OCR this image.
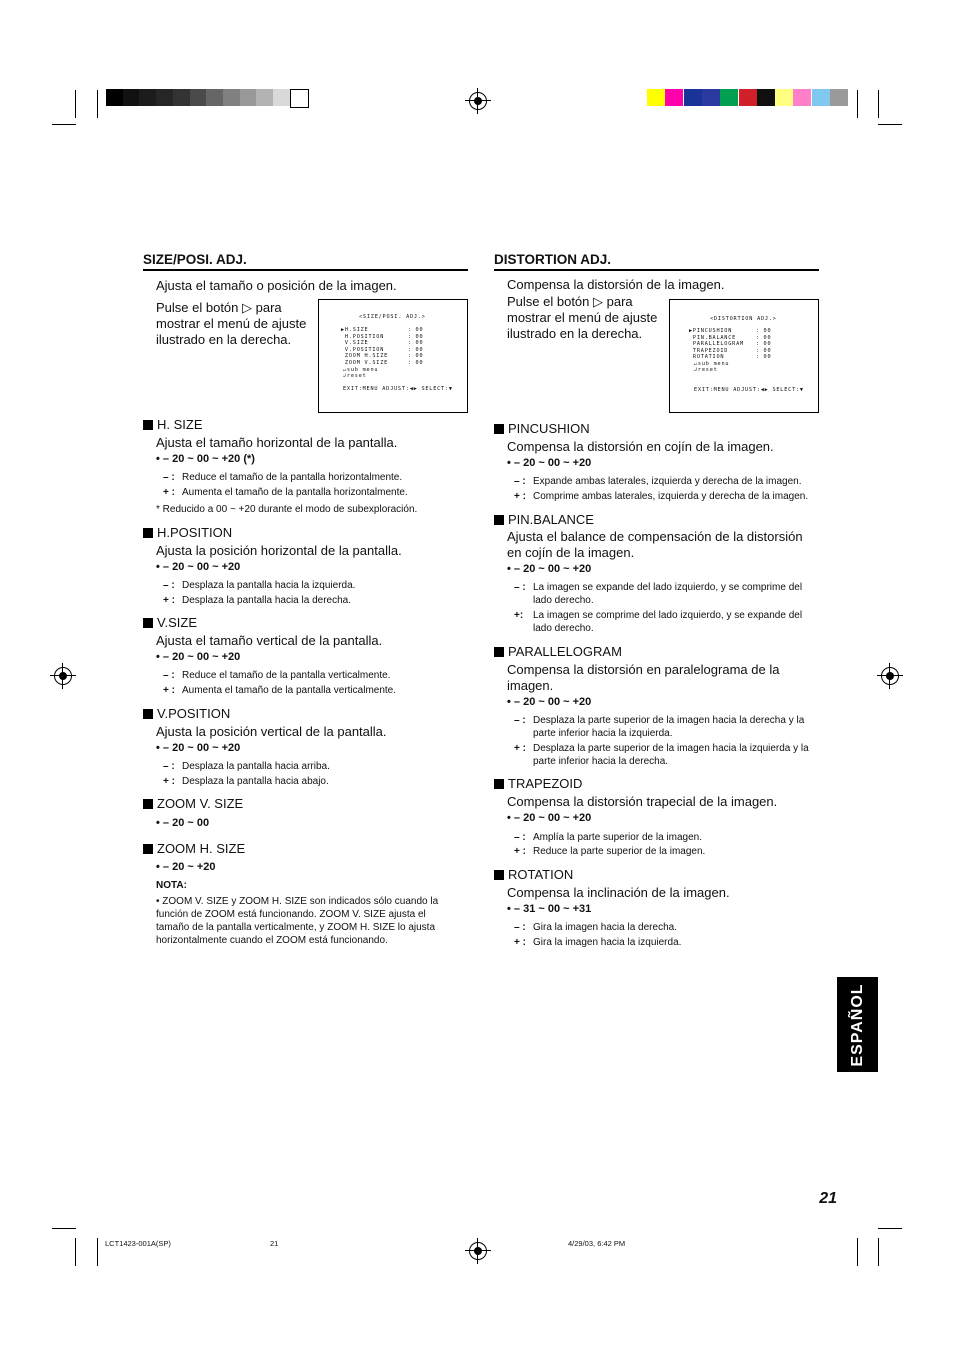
SIZE/POSI. ADJ.
Ajusta el tamaño o posición de la imagen.
Pulse el botón ▷ para mostrar el menú de ajuste ilustrado en la derecha.
<SIZE/POSI. ADJ.>
▶H.SIZE          : 00
H.POSITION      : 00
V.SIZE          : 00
V.POSITION      : 00
ZOOM H.SIZE     : 00
ZOOM V.SIZE     : 00
↵sub menu
↲reset
EXIT:MENU ADJUST:◀▶ SELECT:▼
H. SIZE
Ajusta el tamaño horizontal de la pantalla.
• – 20 ~ 00 ~ +20 (*)
– : Reduce el tamaño de la pantalla horizontalmente.
+ : Aumenta el tamaño de la pantalla horizontalmente.
* Reducido a 00 ~ +20 durante el modo de subexploración.
H.POSITION
Ajusta la posición horizontal de la pantalla.
• – 20 ~ 00 ~ +20
– : Desplaza la pantalla hacia la izquierda.
+ : Desplaza la pantalla hacia la derecha.
V.SIZE
Ajusta el tamaño vertical de la pantalla.
• – 20 ~ 00 ~ +20
– : Reduce el tamaño de la pantalla verticalmente.
+ : Aumenta el tamaño de la pantalla verticalmente.
V.POSITION
Ajusta la posición vertical de la pantalla.
• – 20 ~ 00 ~ +20
– : Desplaza la pantalla hacia arriba.
+ : Desplaza la pantalla hacia abajo.
ZOOM V. SIZE
• – 20 ~ 00
ZOOM H. SIZE
• – 20 ~ +20
NOTA:
• ZOOM V. SIZE y ZOOM H. SIZE son indicados sólo cuando la función de ZOOM está funcionando. ZOOM V. SIZE ajusta el tamaño de la pantalla verticalmente, y ZOOM H. SIZE lo ajusta horizontalmente cuando el ZOOM está funcionando.
DISTORTION ADJ.
Compensa la distorsión de la imagen.
Pulse el botón ▷ para mostrar el menú de ajuste ilustrado en la derecha.
<DISTORTION ADJ.>
▶PINCUSHION      : 00
PIN.BALANCE     : 00
PARALLELOGRAM   : 00
TRAPEZOID       : 00
ROTATION        : 00
↵sub menu
↲reset
EXIT:MENU ADJUST:◀▶ SELECT:▼
PINCUSHION
Compensa la distorsión en cojín de la imagen.
• – 20 ~ 00 ~ +20
– : Expande ambas laterales, izquierda y derecha de la imagen.
+ : Comprime ambas laterales, izquierda y derecha de la imagen.
PIN.BALANCE
Ajusta el balance de compensación de la distorsión en cojín de la imagen.
• – 20 ~ 00 ~ +20
– : La imagen se expande del lado izquierdo, y se comprime del lado derecho.
+: La imagen se comprime del lado izquierdo, y se expande del lado derecho.
PARALLELOGRAM
Compensa la distorsión en paralelograma de la imagen.
• – 20 ~ 00 ~ +20
– : Desplaza la parte superior de la imagen hacia la derecha y la parte inferior hacia la izquierda.
+ : Desplaza la parte superior de la imagen hacia la izquierda y la parte inferior hacia la derecha.
TRAPEZOID
Compensa la distorsión trapecial de la imagen.
• – 20 ~ 00 ~ +20
– : Amplía la parte superior de la imagen.
+ : Reduce la parte superior de la imagen.
ROTATION
Compensa la inclinación de la imagen.
• – 31 ~ 00 ~ +31
– : Gira la imagen hacia la derecha.
+ : Gira la imagen hacia la izquierda.
ESPAÑOL
21
LCT1423-001A(SP)	21	4/29/03, 6:42 PM
